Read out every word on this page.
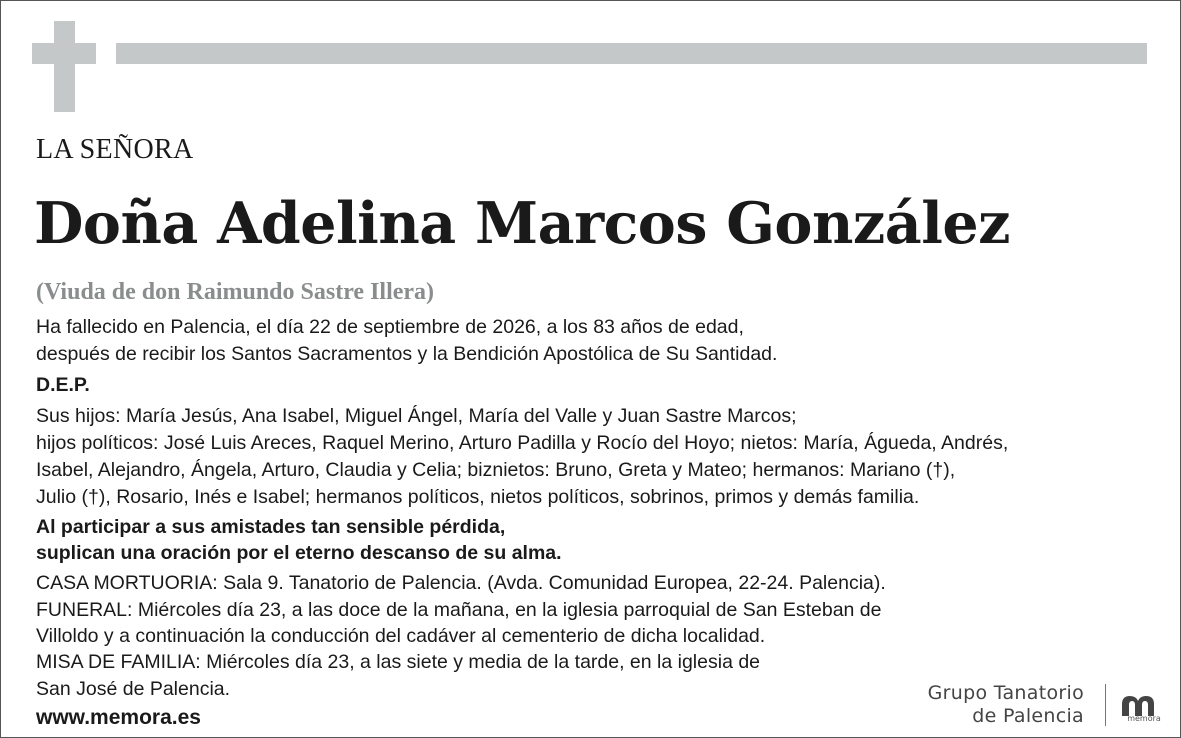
LA SEÑORA
Doña Adelina Marcos González
(Viuda de don Raimundo Sastre Illera)
Ha fallecido en Palencia, el día 22 de septiembre de 2026, a los 83 años de edad,
después de recibir los Santos Sacramentos y la Bendición Apostólica de Su Santidad.
D.E.P.
Sus hijos: María Jesús, Ana Isabel, Miguel Ángel, María del Valle y Juan Sastre Marcos;
hijos políticos: José Luis Areces, Raquel Merino, Arturo Padilla y Rocío del Hoyo; nietos: María, Águeda, Andrés,
Isabel, Alejandro, Ángela, Arturo, Claudia y Celia; biznietos: Bruno, Greta y Mateo; hermanos: Mariano (†),
Julio (†), Rosario, Inés e Isabel; hermanos políticos, nietos políticos, sobrinos, primos y demás familia.
Al participar a sus amistades tan sensible pérdida,
suplican una oración por el eterno descanso de su alma.
CASA MORTUORIA: Sala 9. Tanatorio de Palencia. (Avda. Comunidad Europea, 22-24. Palencia).
FUNERAL: Miércoles día 23, a las doce de la mañana, en la iglesia parroquial de San Esteban de
Villoldo y a continuación la conducción del cadáver al cementerio de dicha localidad.
MISA DE FAMILIA: Miércoles día 23, a las siete y media de la tarde, en la iglesia de
San José de Palencia.
www.memora.es
Grupo Tanatorio
de Palencia	memora
